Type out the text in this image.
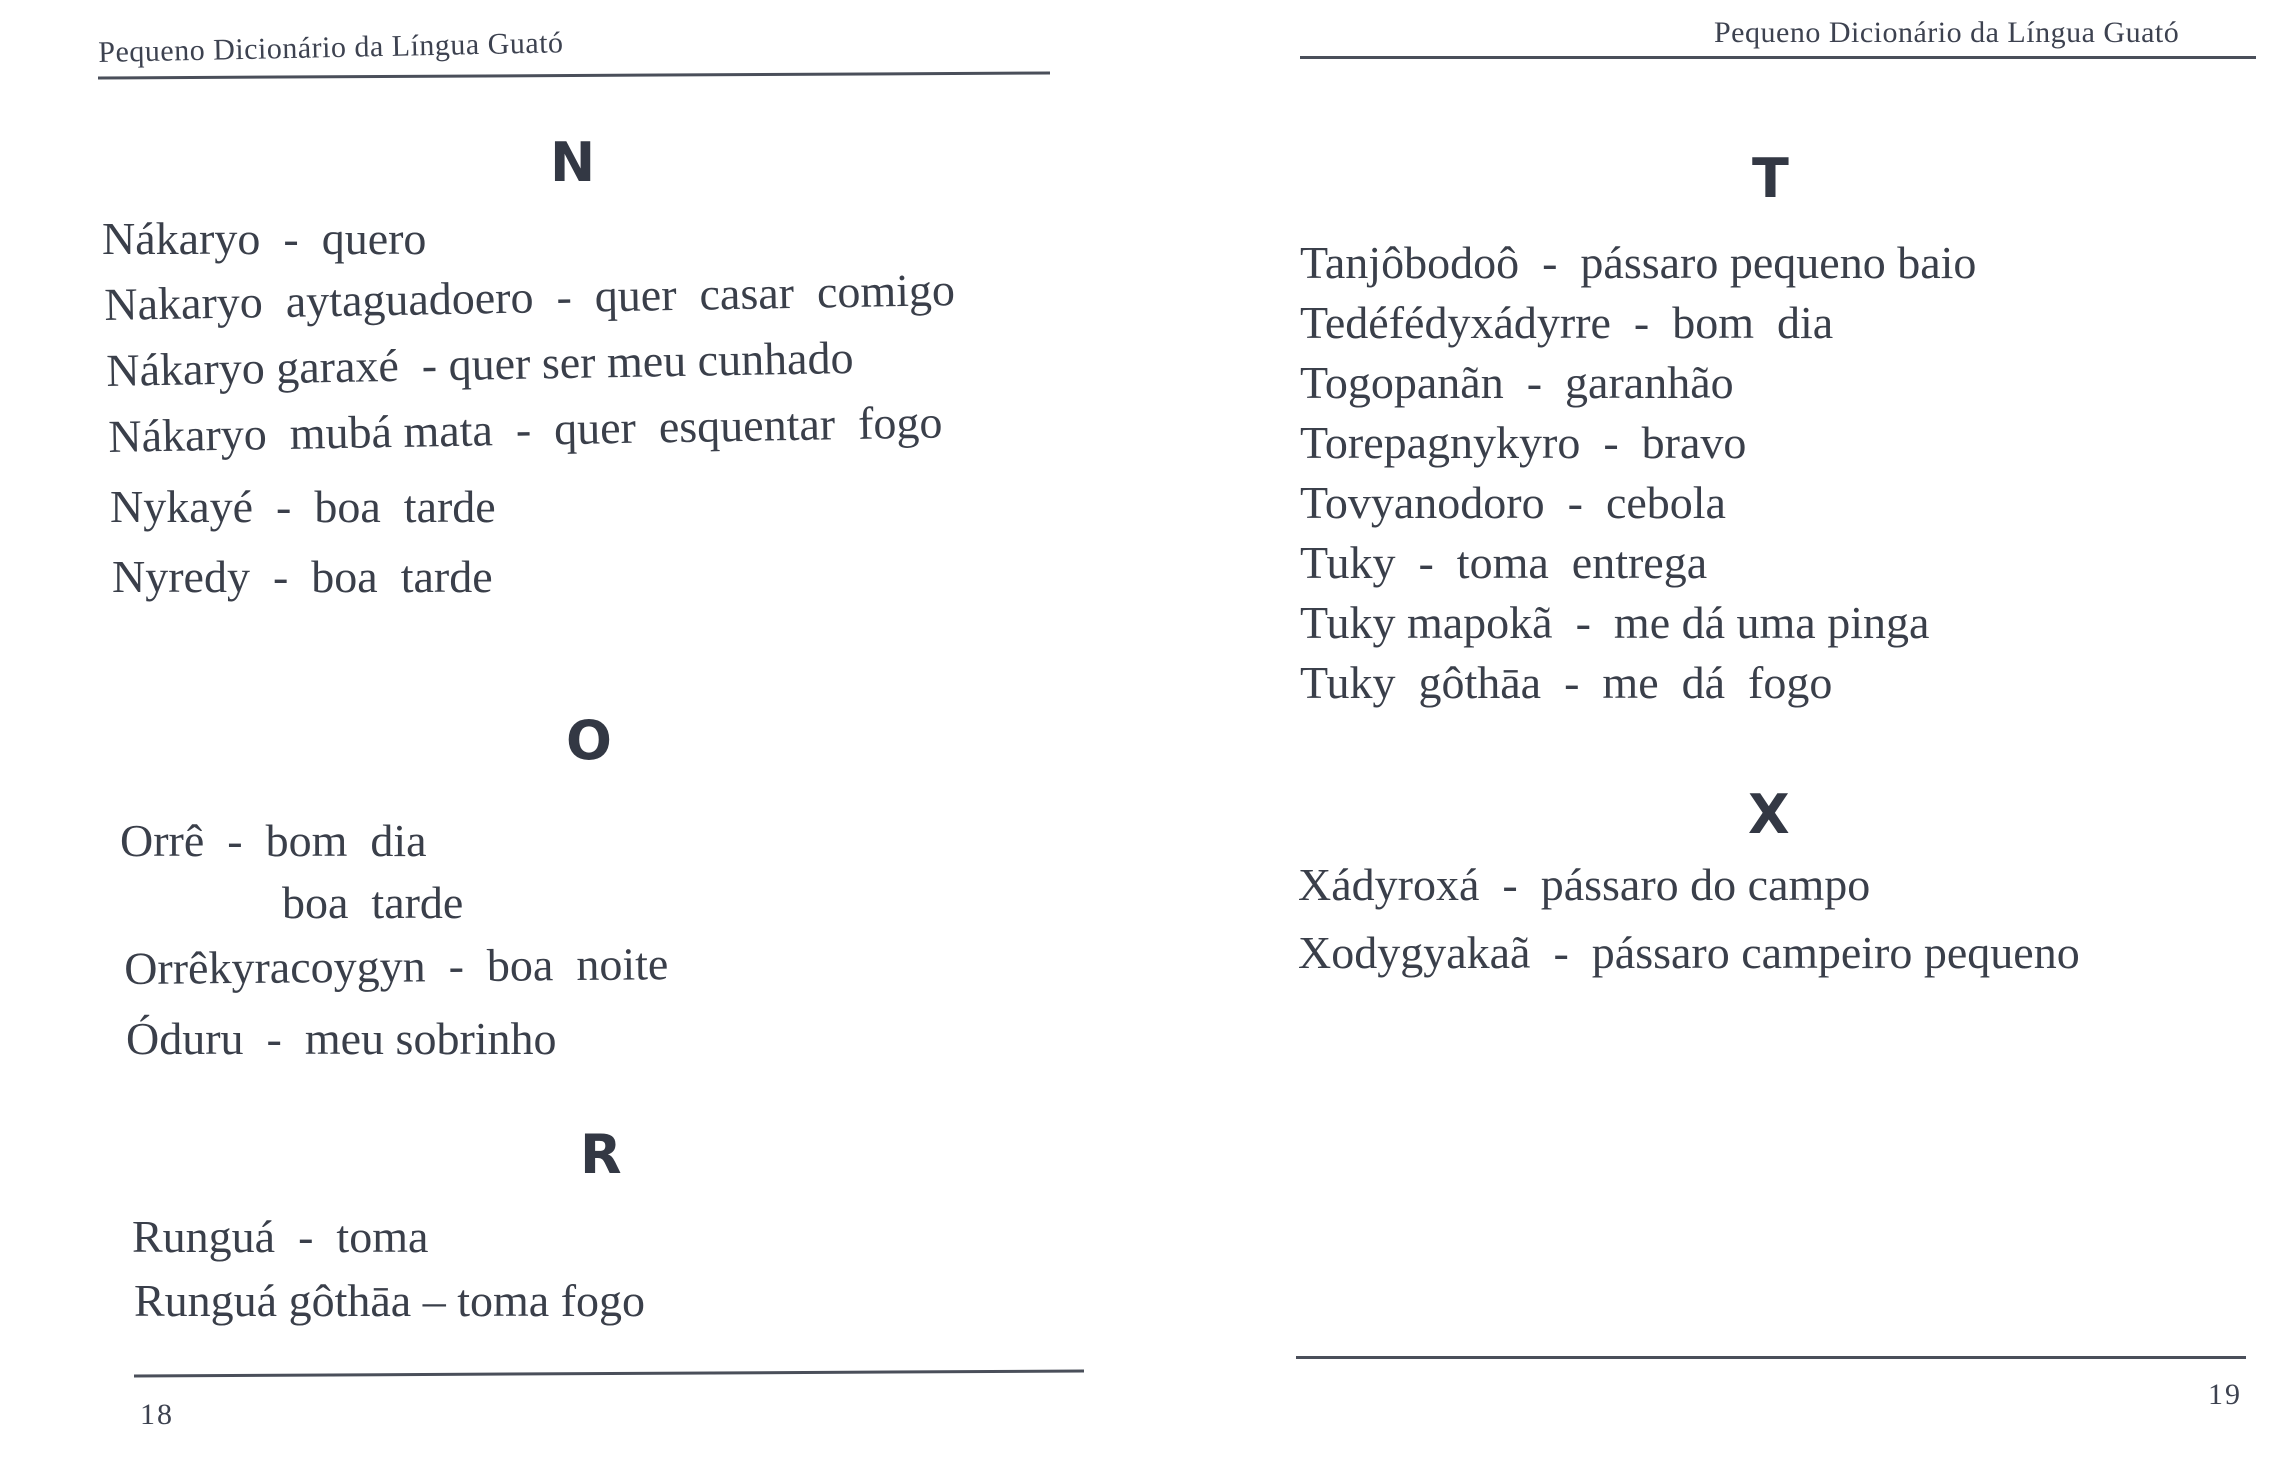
Pequeno Dicionário da Língua Guató
N
Nákaryo  -  quero
Nakaryo  aytaguadoero  -  quer  casar  comigo
Nákaryo garaxé  - quer ser meu cunhado
Nákaryo  mubá mata  -  quer  esquentar  fogo
Nykayé  -  boa  tarde
Nyredy  -  boa  tarde
O
Orrê  -  bom  dia
boa  tarde
Orrêkyracoygyn  -  boa  noite
Óduru  -  meu sobrinho
R
Runguá  -  toma
Runguá gôthāa – toma fogo
18
Pequeno Dicionário da Língua Guató
T
Tanjôbodoô  -  pássaro pequeno baio
Tedéfédyxádyrre  -  bom  dia
Togopanãn  -  garanhão
Torepagnykyro  -  bravo
Tovyanodoro  -  cebola
Tuky  -  toma  entrega
Tuky mapokã  -  me dá uma pinga
Tuky  gôthāa  -  me  dá  fogo
X
Xádyroxá  -  pássaro do campo
Xodygyakaã  -  pássaro campeiro pequeno
19
